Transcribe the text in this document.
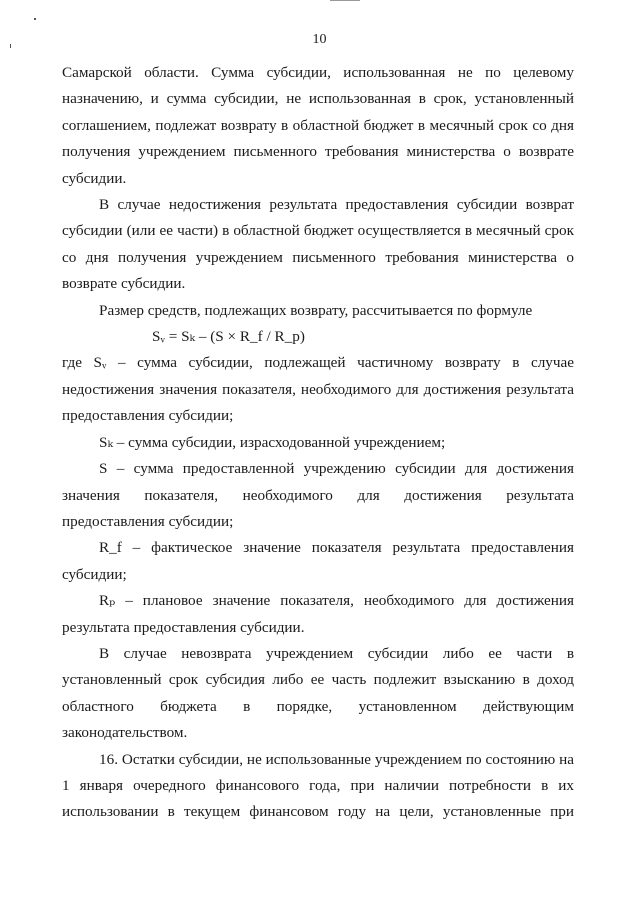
10

Самарской области. Сумма субсидии, использованная не по целевому назначению, и сумма субсидии, не использованная в срок, установленный соглашением, подлежат возврату в областной бюджет в месячный срок со дня получения учреждением письменного требования министерства о возврате субсидии.

В случае недостижения результата предоставления субсидии возврат субсидии (или ее части) в областной бюджет осуществляется в месячный срок со дня получения учреждением письменного требования министерства о возврате субсидии.

Размер средств, подлежащих возврату, рассчитывается по формуле

Sᵥ = Sₖ – (S × R_f / R_p)

где Sᵥ – сумма субсидии, подлежащей частичному возврату в случае недостижения значения показателя, необходимого для достижения результата предоставления субсидии;

Sₖ – сумма субсидии, израсходованной учреждением;

S – сумма предоставленной учреждению субсидии для достижения значения показателя, необходимого для достижения результата предоставления субсидии;

R_f – фактическое значение показателя результата предоставления субсидии;

Rₚ – плановое значение показателя, необходимого для достижения результата предоставления субсидии.

В случае невозврата учреждением субсидии либо ее части в установленный срок субсидия либо ее часть подлежит взысканию в доход областного бюджета в порядке, установленном действующим законодательством.

16. Остатки субсидии, не использованные учреждением по состоянию на 1 января очередного финансового года, при наличии потребности в их использовании в текущем финансовом году на цели, установленные при
